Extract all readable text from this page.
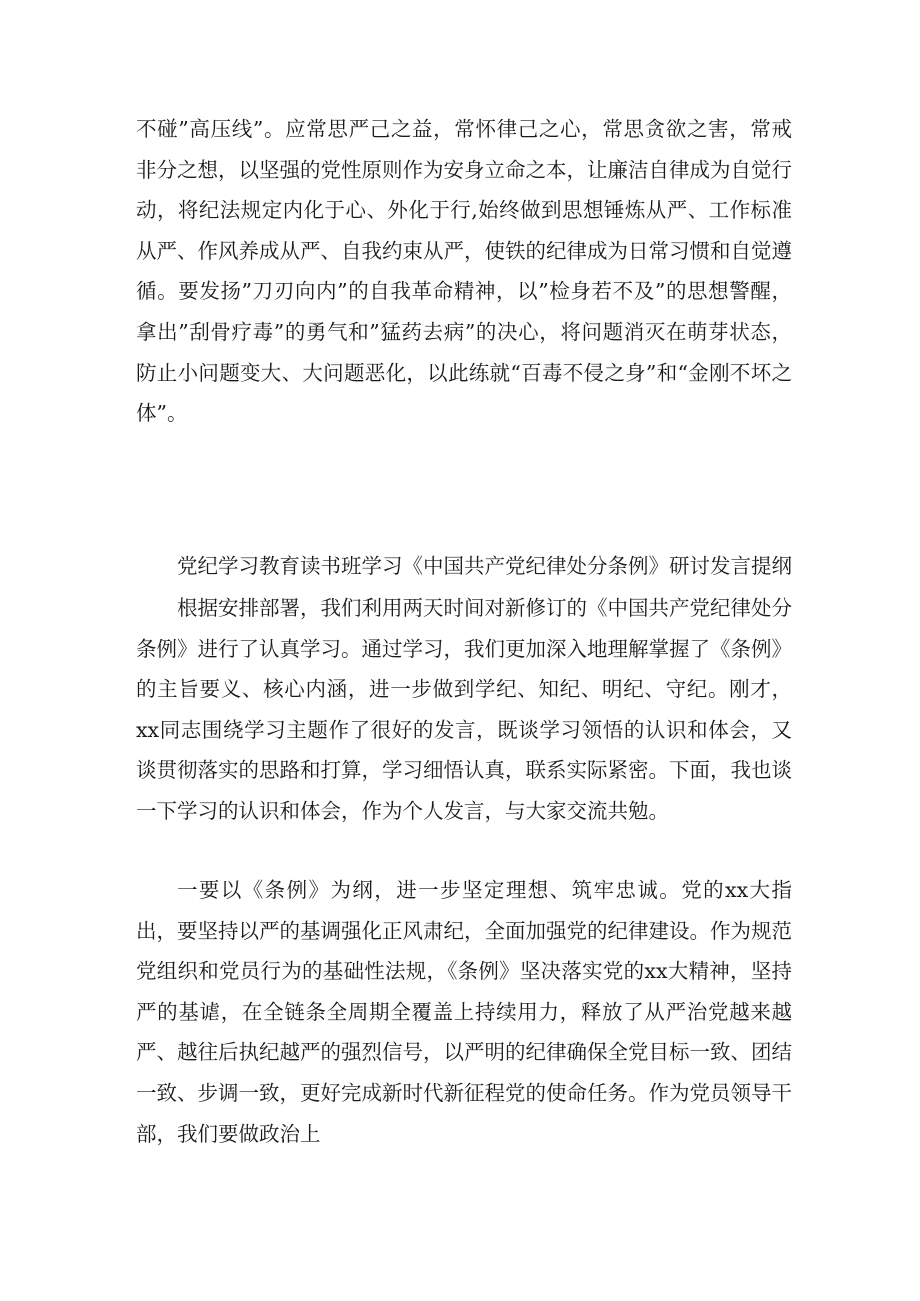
不碰”高压线”。应常思严己之益，常怀律己之心，常思贪欲之害，常戒非分之想，以坚强的党性原则作为安身立命之本，让廉洁自律成为自觉行动，将纪法规定内化于心、外化于行,始终做到思想锤炼从严、工作标准从严、作风养成从严、自我约束从严，使铁的纪律成为日常习惯和自觉遵循。要发扬”刀刃向内”的自我革命精神，以”检身若不及”的思想警醒，拿出”刮骨疗毒”的勇气和”猛药去病”的决心，将问题消灭在萌芽状态，防止小问题变大、大问题恶化，以此练就“百毒不侵之身”和“金刚不坏之体”。

党纪学习教育读书班学习《中国共产党纪律处分条例》研讨发言提纲

根据安排部署，我们利用两天时间对新修订的《中国共产党纪律处分条例》进行了认真学习。通过学习，我们更加深入地理解掌握了《条例》的主旨要义、核心内涵，进一步做到学纪、知纪、明纪、守纪。刚才，xx同志围绕学习主题作了很好的发言，既谈学习领悟的认识和体会，又谈贯彻落实的思路和打算，学习细悟认真，联系实际紧密。下面，我也谈一下学习的认识和体会，作为个人发言，与大家交流共勉。

一要以《条例》为纲，进一步坚定理想、筑牢忠诚。党的xx大指出，要坚持以严的基调强化正风肃纪，全面加强党的纪律建设。作为规范党组织和党员行为的基础性法规，《条例》坚决落实党的xx大精神，坚持严的基谑，在全链条全周期全覆盖上持续用力，释放了从严治党越来越严、越往后执纪越严的强烈信号，以严明的纪律确保全党目标一致、团结一致、步调一致，更好完成新时代新征程党的使命任务。作为党员领导干部，我们要做政治上
